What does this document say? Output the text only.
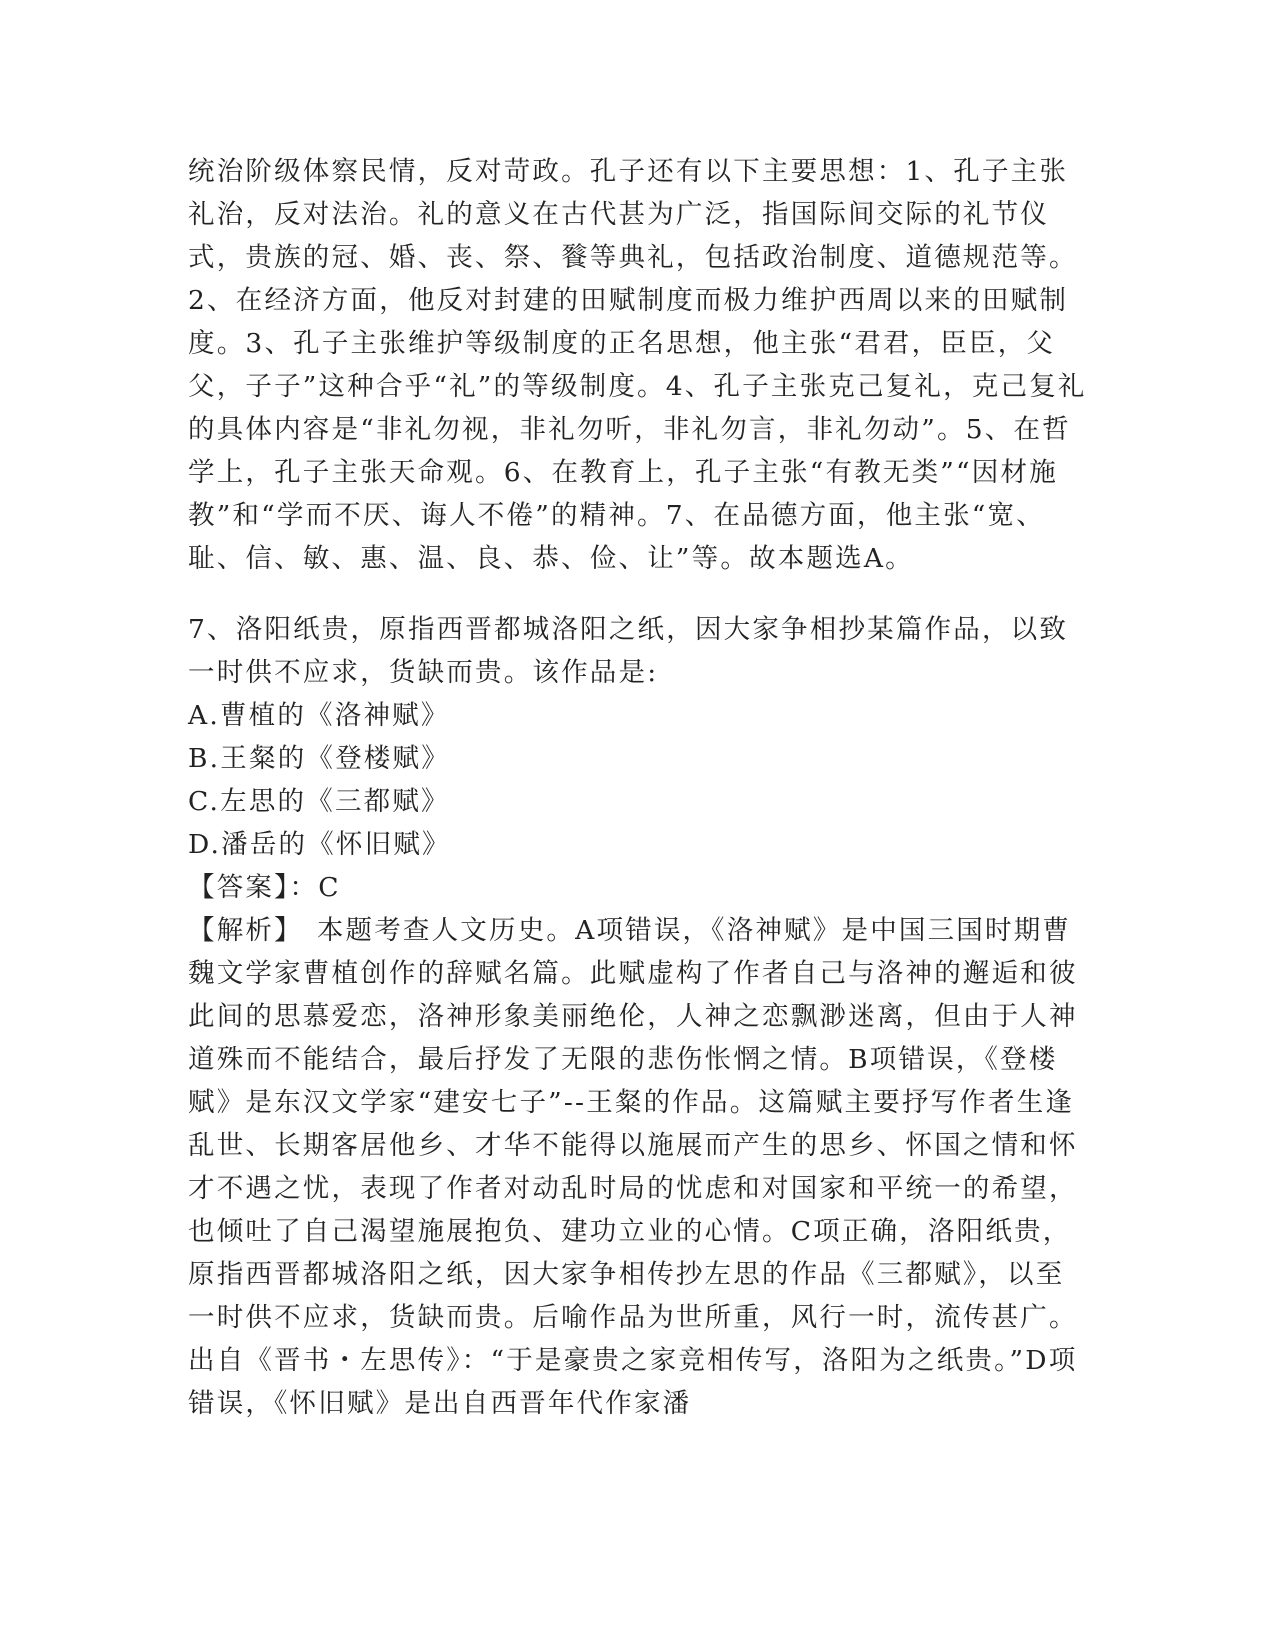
统治阶级体察民情，反对苛政。孔子还有以下主要思想：1、孔子主张礼治，反对法治。礼的意义在古代甚为广泛，指国际间交际的礼节仪式，贵族的冠、婚、丧、祭、餮等典礼，包括政治制度、道德规范等。2、在经济方面，他反对封建的田赋制度而极力维护西周以来的田赋制度。3、孔子主张维护等级制度的正名思想，他主张“君君，臣臣，父父，子子”这种合乎“礼”的等级制度。4、孔子主张克己复礼，克己复礼的具体内容是“非礼勿视，非礼勿听，非礼勿言，非礼勿动”。5、在哲学上，孔子主张天命观。6、在教育上，孔子主张“有教无类”“因材施教”和“学而不厌、诲人不倦”的精神。7、在品德方面，他主张“宽、耻、信、敏、惠、温、良、恭、俭、让”等。故本题选A。

7、洛阳纸贵，原指西晋都城洛阳之纸，因大家争相抄某篇作品，以致一时供不应求，货缺而贵。该作品是:

A.曹植的《洛神赋》

B.王粲的《登楼赋》

C.左思的《三都赋》

D.潘岳的《怀旧赋》

【答案】：C

【解析】 本题考查人文历史。A项错误，《洛神赋》是中国三国时期曹魏文学家曹植创作的辞赋名篇。此赋虚构了作者自己与洛神的邂逅和彼此间的思慕爱恋，洛神形象美丽绝伦，人神之恋飘渺迷离，但由于人神道殊而不能结合，最后抒发了无限的悲伤怅惘之情。B项错误，《登楼赋》是东汉文学家“建安七子”--王粲的作品。这篇赋主要抒写作者生逢乱世、长期客居他乡、才华不能得以施展而产生的思乡、怀国之情和怀才不遇之忧，表现了作者对动乱时局的忧虑和对国家和平统一的希望，也倾吐了自己渴望施展抱负、建功立业的心情。C项正确，洛阳纸贵，原指西晋都城洛阳之纸，因大家争相传抄左思的作品《三都赋》，以至一时供不应求，货缺而贵。后喻作品为世所重，风行一时，流传甚广。出自《晋书・左思传》：“于是豪贵之家竞相传写，洛阳为之纸贵。”D项错误，《怀旧赋》是出自西晋年代作家潘
